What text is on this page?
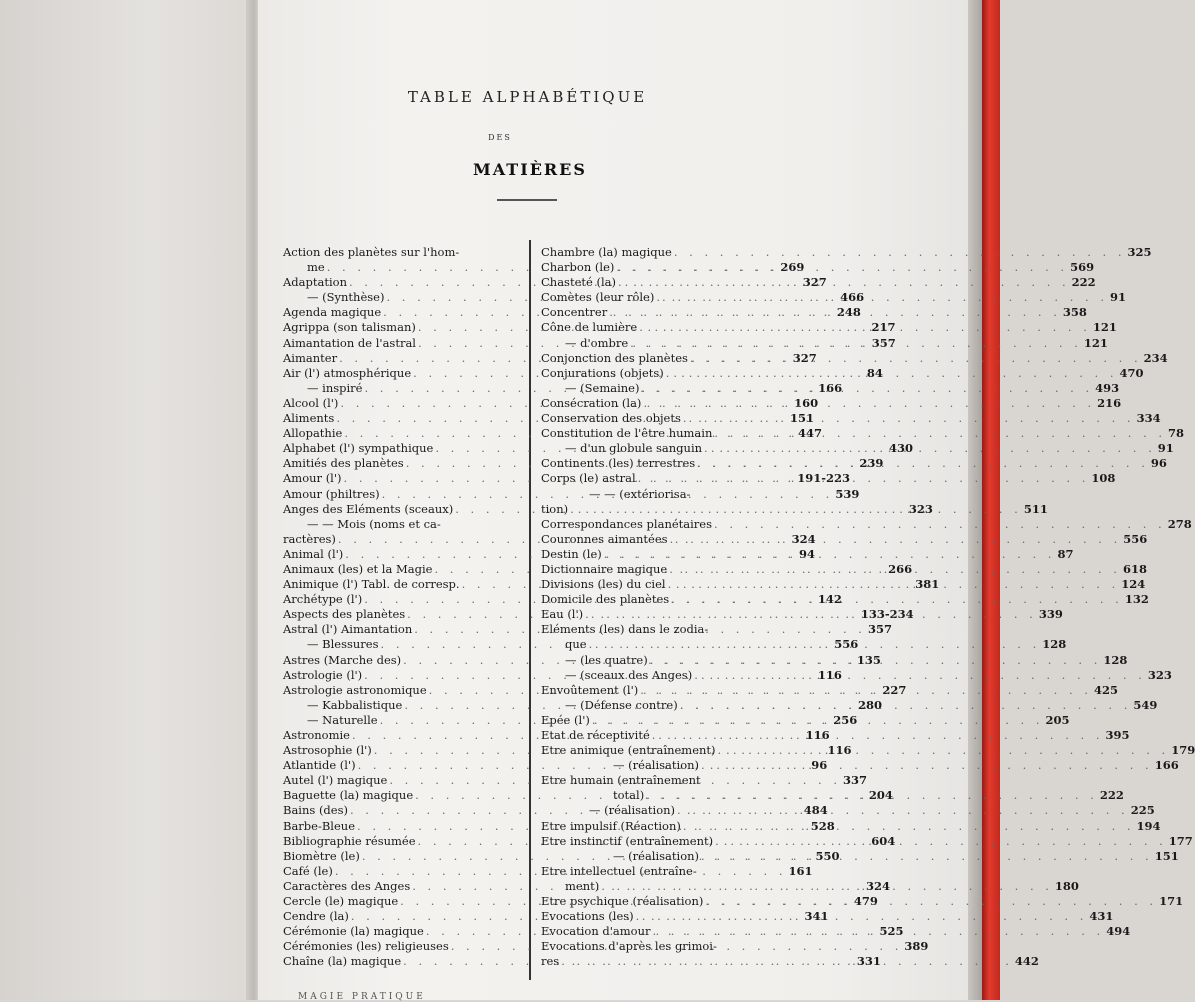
TABLE ALPHABÉTIQUE
DES
MATIÈRES
Action des planètes sur l'hom-
me . . .	269
Adaptation . . .	327
— (Synthèse) . . .	466
Agenda magique . . .	248
Agrippa (son talisman) . . .	217
Aimantation de l'astral . . .	357
Aimanter . . .	327
Air (l') atmosphérique . . .	84
— inspiré . . .	166
Alcool (l') . . .	160
Aliments . . .	151
Allopathie . . .	447
Alphabet (l') sympathique . . .	430
Amitiés des planètes . . .	239
Amour (l') . . .	191-223
Amour (philtres) . . .	539
Anges des Eléments (sceaux) . . .	323
— — Mois (noms et ca-
ractères) . . .	324
Animal (l') . . .	94
Animaux (les) et la Magie . . .	266
Animique (l') Tabl. de corresp. . . .	381
Archétype (l') . . .	142
Aspects des planètes . . .	133-234
Astral (l') Aimantation . . .	357
— Blessures . . .	556
Astres (Marche des) . . .	135
Astrologie (l') . . .	116
Astrologie astronomique . . .	227
— Kabbalistique . . .	280
— Naturelle . . .	256
Astronomie . . .	116
Astrosophie (l') . . .	116
Atlantide (l') . . .	96
Autel (l') magique . . .	337
Baguette (la) magique . . .	204
Bains (des) . . .	484
Barbe-Bleue . . .	528
Bibliographie résumée . . .	604
Biomètre (le) . . .	550
Café (le) . . .	161
Caractères des Anges . . .	324
Cercle (le) magique . . .	479
Cendre (la) . . .	341
Cérémonie (la) magique . . .	525
Cérémonies (les) religieuses . . .	389
Chaîne (la) magique . . .	331
Chambre (la) magique . . .	325
Charbon (le) . . .	569
Chasteté (la) . . .	222
Comètes (leur rôle) . . .	91
Concentrer . . .	358
Cône de lumière . . .	121
— d'ombre . . .	121
Conjonction des planètes . . .	234
Conjurations (objets) . . .	470
— (Semaine) . . .	493
Consécration (la) . . .	216
Conservation des objets . . .	334
Constitution de l'être humain . . .	78
— d'un globule sanguin . . .	91
Continents (les) terrestres . . .	96
Corps (le) astral . . .	108
— — (extériorisa-
tion) . . .	511
Correspondances planétaires . . .	278
Couronnes aimantées . . .	556
Destin (le) . . .	87
Dictionnaire magique . . .	618
Divisions (les) du ciel . . .	124
Domicile des planètes . . .	132
Eau (l') . . .	339
Eléments (les) dans le zodia-
que . . .	128
— (les quatre) . . .	128
— (sceaux des Anges) . . .	323
Envoûtement (l') . . .	425
— (Défense contre) . . .	549
Epée (l') . . .	205
Etat de réceptivité . . .	395
Etre animique (entraînement) . . .	179
— (réalisation) . . .	166
Etre humain (entraînement
total) . . .	222
— (réalisation) . . .	225
Etre impulsif (Réaction) . . .	194
Etre instinctif (entraînement) . . .	177
— (réalisation) . . .	151
Etre intellectuel (entraîne-
ment) . . .	180
Etre psychique (réalisation) . . .	171
Evocations (les) . . .	431
Evocation d'amour . . .	494
Evocations d'après les grimoi-
res . . .	442
MAGIE PRATIQUE
